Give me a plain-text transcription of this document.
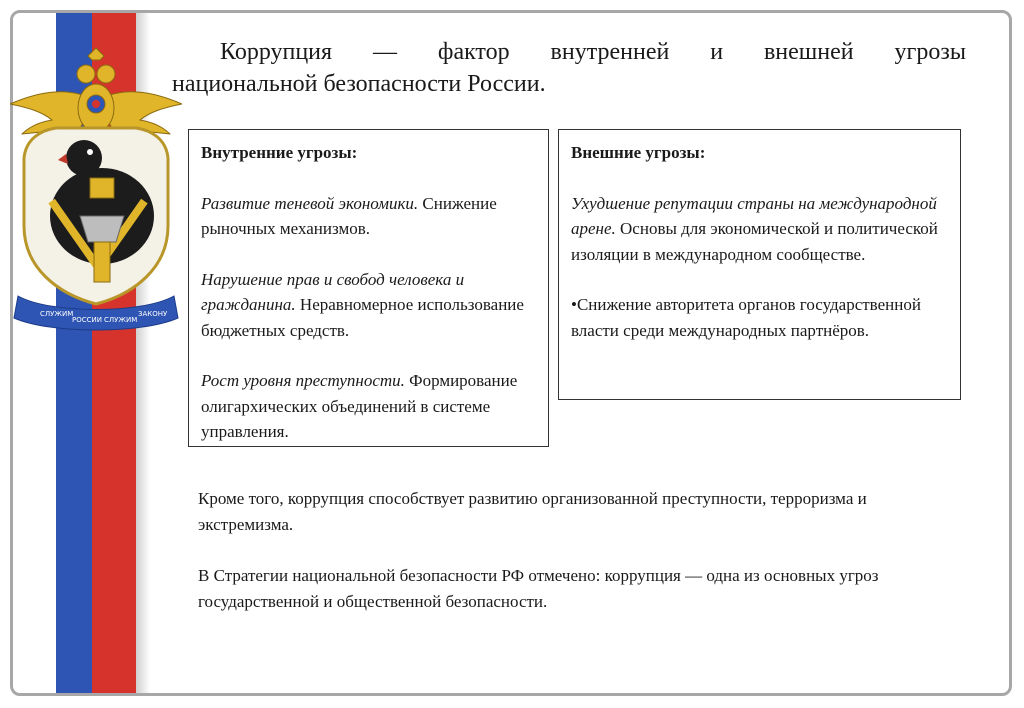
СЛУЖИМ
РОССИИ СЛУЖИМ
ЗАКОНУ
Коррупция — фактор внутренней и внешней угрозы
национальной безопасности России.
Внутренние угрозы:

Развитие теневой экономики. Снижение рыночных механизмов.

Нарушение прав и свобод человека и гражданина. Неравномерное использование бюджетных средств.

Рост уровня преступности. Формирование олигархических объединений в системе управления.

Внешние угрозы:

Ухудшение репутации страны на международной арене. Основы для экономической и политической изоляции в международном сообществе.

•Снижение авторитета органов государственной власти среди международных партнёров.

Кроме того, коррупция способствует развитию организованной преступности, терроризма и экстремизма.

В Стратегии национальной безопасности РФ отмечено: коррупция — одна из основных угроз государственной и общественной безопасности.
